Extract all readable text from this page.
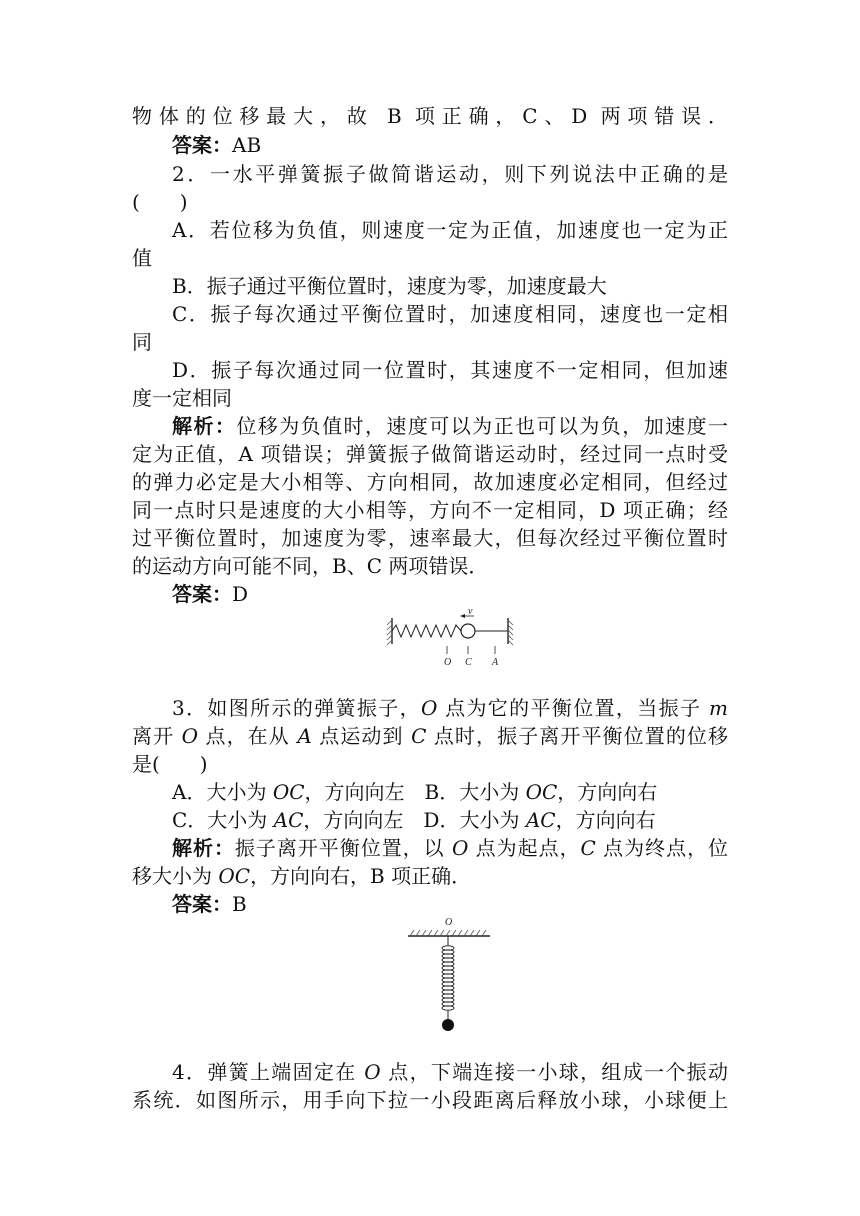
物体的位移最大，故 B 项正确，C、D 两项错误．
答案：AB
2．一水平弹簧振子做简谐运动，则下列说法中正确的是
(　　)
A．若位移为负值，则速度一定为正值，加速度也一定为正
值
B．振子通过平衡位置时，速度为零，加速度最大
C．振子每次通过平衡位置时，加速度相同，速度也一定相
同
D．振子每次通过同一位置时，其速度不一定相同，但加速
度一定相同
解析：位移为负值时，速度可以为正也可以为负，加速度一
定为正值，A 项错误；弹簧振子做简谐运动时，经过同一点时受
的弹力必定是大小相等、方向相同，故加速度必定相同，但经过
同一点时只是速度的大小相等，方向不一定相同，D 项正确；经
过平衡位置时，加速度为零，速率最大，但每次经过平衡位置时
的运动方向可能不同，B、C 两项错误．
答案：D
v
O C A
3．如图所示的弹簧振子，O 点为它的平衡位置，当振子 m
离开 O 点，在从 A 点运动到 C 点时，振子离开平衡位置的位移
是(　　)
A．大小为 OC，方向向左　B．大小为 OC，方向向右
C．大小为 AC，方向向左　D．大小为 AC，方向向右
解析：振子离开平衡位置，以 O 点为起点，C 点为终点，位
移大小为 OC，方向向右，B 项正确．
答案：B
O
4．弹簧上端固定在 O 点，下端连接一小球，组成一个振动
系统．如图所示，用手向下拉一小段距离后释放小球，小球便上
